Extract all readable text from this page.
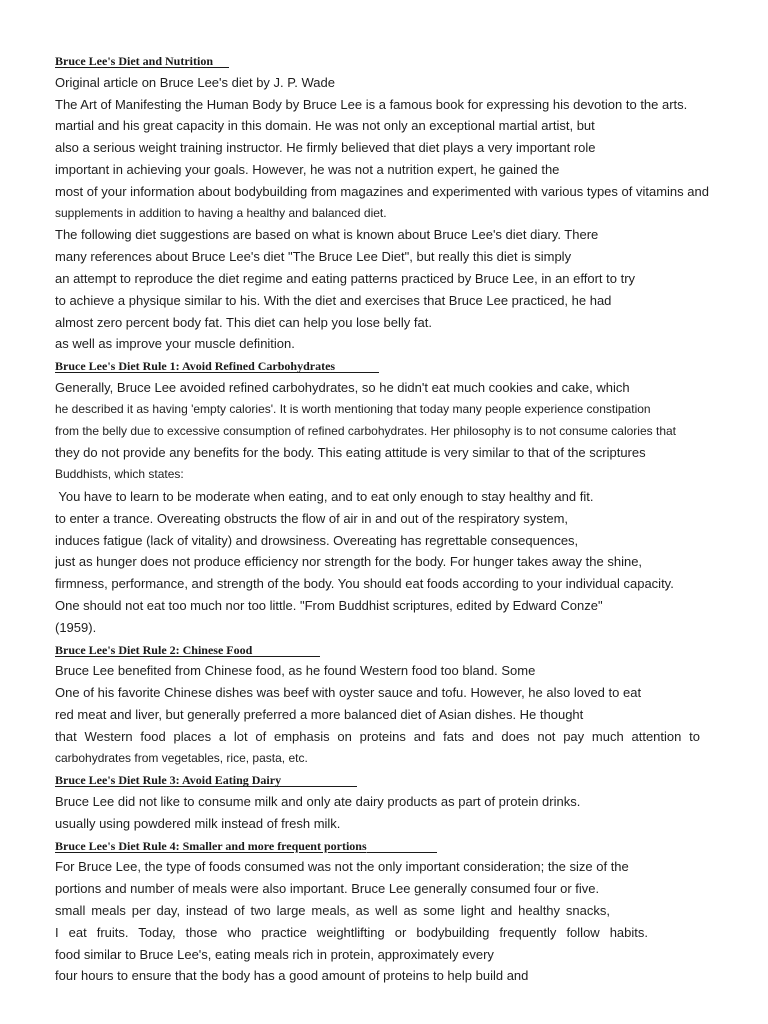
Bruce Lee's Diet and Nutrition
Original article on Bruce Lee's diet by J. P. Wade
The Art of Manifesting the Human Body by Bruce Lee is a famous book for expressing his devotion to the arts.
martial and his great capacity in this domain. He was not only an exceptional martial artist, but
also a serious weight training instructor. He firmly believed that diet plays a very important role
important in achieving your goals. However, he was not a nutrition expert, he gained the
most of your information about bodybuilding from magazines and experimented with various types of vitamins and
supplements in addition to having a healthy and balanced diet.
The following diet suggestions are based on what is known about Bruce Lee's diet diary. There
many references about Bruce Lee's diet "The Bruce Lee Diet", but really this diet is simply
an attempt to reproduce the diet regime and eating patterns practiced by Bruce Lee, in an effort to try
to achieve a physique similar to his. With the diet and exercises that Bruce Lee practiced, he had
almost zero percent body fat. This diet can help you lose belly fat.
as well as improve your muscle definition.
Bruce Lee's Diet Rule 1: Avoid Refined Carbohydrates
Generally, Bruce Lee avoided refined carbohydrates, so he didn't eat much cookies and cake, which
he described it as having 'empty calories'. It is worth mentioning that today many people experience constipation
from the belly due to excessive consumption of refined carbohydrates. Her philosophy is to not consume calories that
they do not provide any benefits for the body. This eating attitude is very similar to that of the scriptures
Buddhists, which states:
You have to learn to be moderate when eating, and to eat only enough to stay healthy and fit.
to enter a trance. Overeating obstructs the flow of air in and out of the respiratory system,
induces fatigue (lack of vitality) and drowsiness. Overeating has regrettable consequences,
just as hunger does not produce efficiency nor strength for the body. For hunger takes away the shine,
firmness, performance, and strength of the body. You should eat foods according to your individual capacity.
One should not eat too much nor too little. "From Buddhist scriptures, edited by Edward Conze"
(1959).
Bruce Lee's Diet Rule 2: Chinese Food
Bruce Lee benefited from Chinese food, as he found Western food too bland. Some
One of his favorite Chinese dishes was beef with oyster sauce and tofu. However, he also loved to eat
red meat and liver, but generally preferred a more balanced diet of Asian dishes. He thought
that Western food places a lot of emphasis on proteins and fats and does not pay much attention to
carbohydrates from vegetables, rice, pasta, etc.
Bruce Lee's Diet Rule 3: Avoid Eating Dairy
Bruce Lee did not like to consume milk and only ate dairy products as part of protein drinks.
usually using powdered milk instead of fresh milk.
Bruce Lee's Diet Rule 4: Smaller and more frequent portions
For Bruce Lee, the type of foods consumed was not the only important consideration; the size of the
portions and number of meals were also important. Bruce Lee generally consumed four or five.
small meals per day, instead of two large meals, as well as some light and healthy snacks,
I eat fruits. Today, those who practice weightlifting or bodybuilding frequently follow habits.
food similar to Bruce Lee's, eating meals rich in protein, approximately every
four hours to ensure that the body has a good amount of proteins to help build and
